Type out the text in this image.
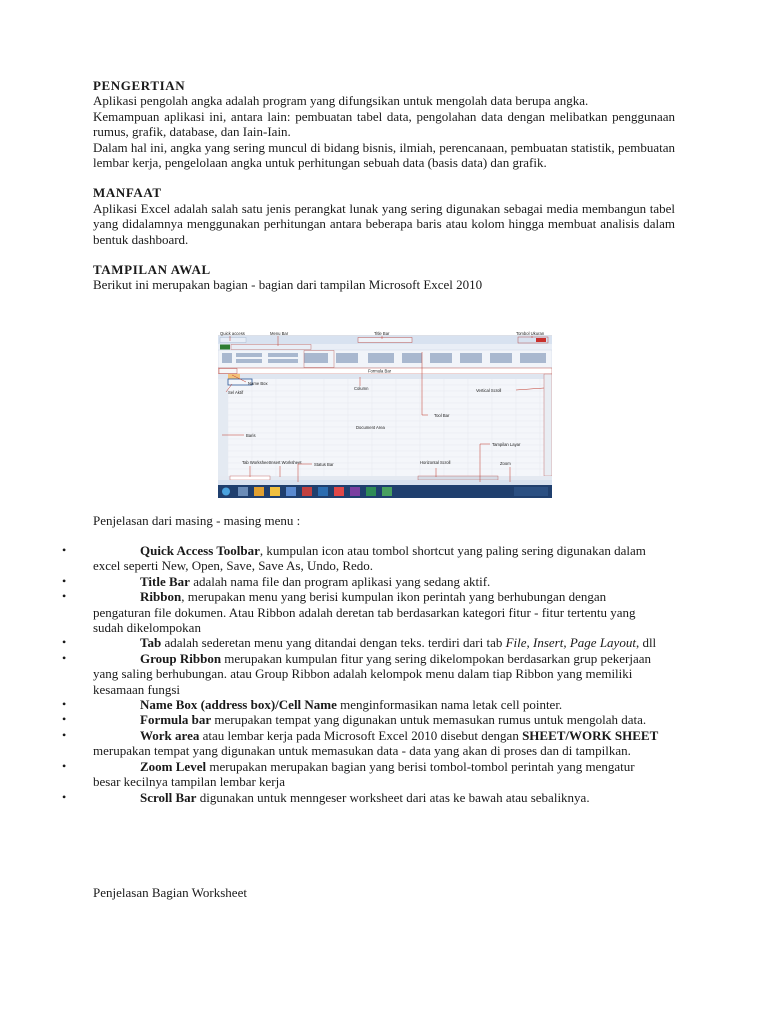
PENGERTIAN

Aplikasi pengolah angka adalah program yang difungsikan untuk mengolah data berupa angka.

Kemampuan aplikasi ini, antara lain: pembuatan tabel data, pengolahan data dengan melibatkan penggunaan rumus, grafik, database, dan Iain-Iain.

Dalam hal ini, angka yang sering muncul di bidang bisnis, ilmiah, perencanaan, pembuatan statistik, pembuatan lembar kerja, pengelolaan angka untuk perhitungan sebuah data (basis data) dan grafik.

MANFAAT

Aplikasi Excel adalah salah satu jenis perangkat lunak yang sering digunakan sebagai media membangun tabel yang didalamnya menggunakan perhitungan antara beberapa baris atau kolom hingga membuat analisis dalam bentuk dashboard.

TAMPILAN AWAL

Berikut ini merupakan bagian - bagian dari tampilan Microsoft Excel 2010

Quick access	Menu Bar	Title Bar	Tombol Ukuran
Formula Bar
Name Box
Sel Aktif
Column	Vertical Scroll
Tool Bar
Baris
Document Area
Tampilan Layar
Tab Worksheet Insert Worksheet	Status Bar	Horizontal Scroll	Zoom
Penjelasan dari masing - masing menu :
•	Quick Access Toolbar, kumpulan icon atau tombol shortcut yang paling sering digunakan dalam excel seperti New, Open, Save, Save As, Undo, Redo.
•	Title Bar adalah nama file dan program aplikasi yang sedang aktif.
•	Ribbon, merupakan menu yang berisi kumpulan ikon perintah yang berhubungan dengan pengaturan file dokumen. Atau Ribbon adalah deretan tab berdasarkan kategori fitur - fitur tertentu yang sudah dikelompokan
•	Tab adalah sederetan menu yang ditandai dengan teks. terdiri dari tab File, Insert, Page Layout, dll
•	Group Ribbon merupakan kumpulan fitur yang sering dikelompokan berdasarkan grup pekerjaan yang saling berhubungan. atau Group Ribbon adalah kelompok menu dalam tiap Ribbon yang memiliki kesamaan fungsi
•	Name Box (address box)/Cell Name menginformasikan nama letak cell pointer.
•	Formula bar merupakan tempat yang digunakan untuk memasukan rumus untuk mengolah data.
•	Work area atau lembar kerja pada Microsoft Excel 2010 disebut dengan SHEET/WORK SHEET merupakan tempat yang digunakan untuk memasukan data - data yang akan di proses dan di tampilkan.
•	Zoom Level merupakan merupakan bagian yang berisi tombol-tombol perintah yang mengatur besar kecilnya tampilan lembar kerja
•	Scroll Bar digunakan untuk menngeser worksheet dari atas ke bawah atau sebaliknya.
Penjelasan Bagian Worksheet
